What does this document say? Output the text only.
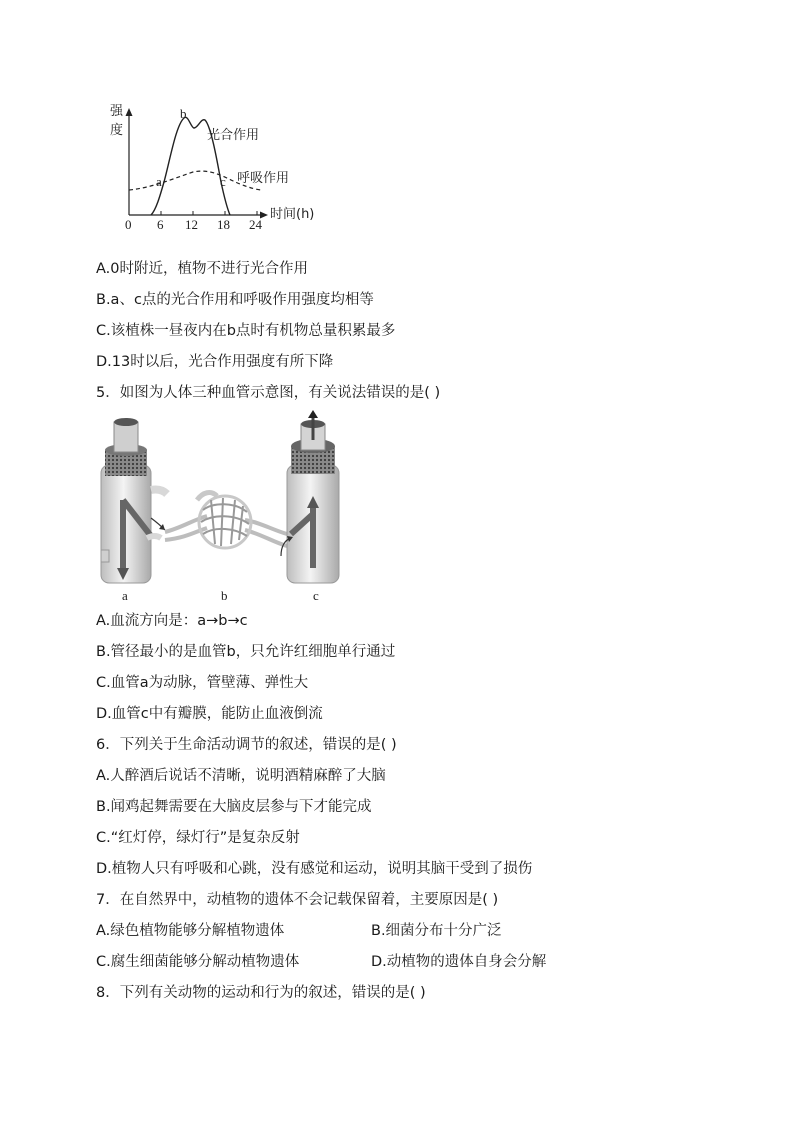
强
度
b
光合作用
呼吸作用
a	c
0 6 12 18 24
时间(h)
A.0时附近，植物不进行光合作用
B.a、c点的光合作用和呼吸作用强度均相等
C.该植株一昼夜内在b点时有机物总量积累最多
D.13时以后，光合作用强度有所下降
5．如图为人体三种血管示意图，有关说法错误的是( )
a	b	c
A.血流方向是：a→b→c
B.管径最小的是血管b，只允许红细胞单行通过
C.血管a为动脉，管壁薄、弹性大
D.血管c中有瓣膜，能防止血液倒流
6．下列关于生命活动调节的叙述，错误的是( )
A.人醉酒后说话不清晰，说明酒精麻醉了大脑
B.闻鸡起舞需要在大脑皮层参与下才能完成
C.“红灯停，绿灯行”是复杂反射
D.植物人只有呼吸和心跳，没有感觉和运动，说明其脑干受到了损伤
7．在自然界中，动植物的遗体不会记载保留着，主要原因是( )
A.绿色植物能够分解植物遗体	B.细菌分布十分广泛
C.腐生细菌能够分解动植物遗体	D.动植物的遗体自身会分解
8．下列有关动物的运动和行为的叙述，错误的是( )
